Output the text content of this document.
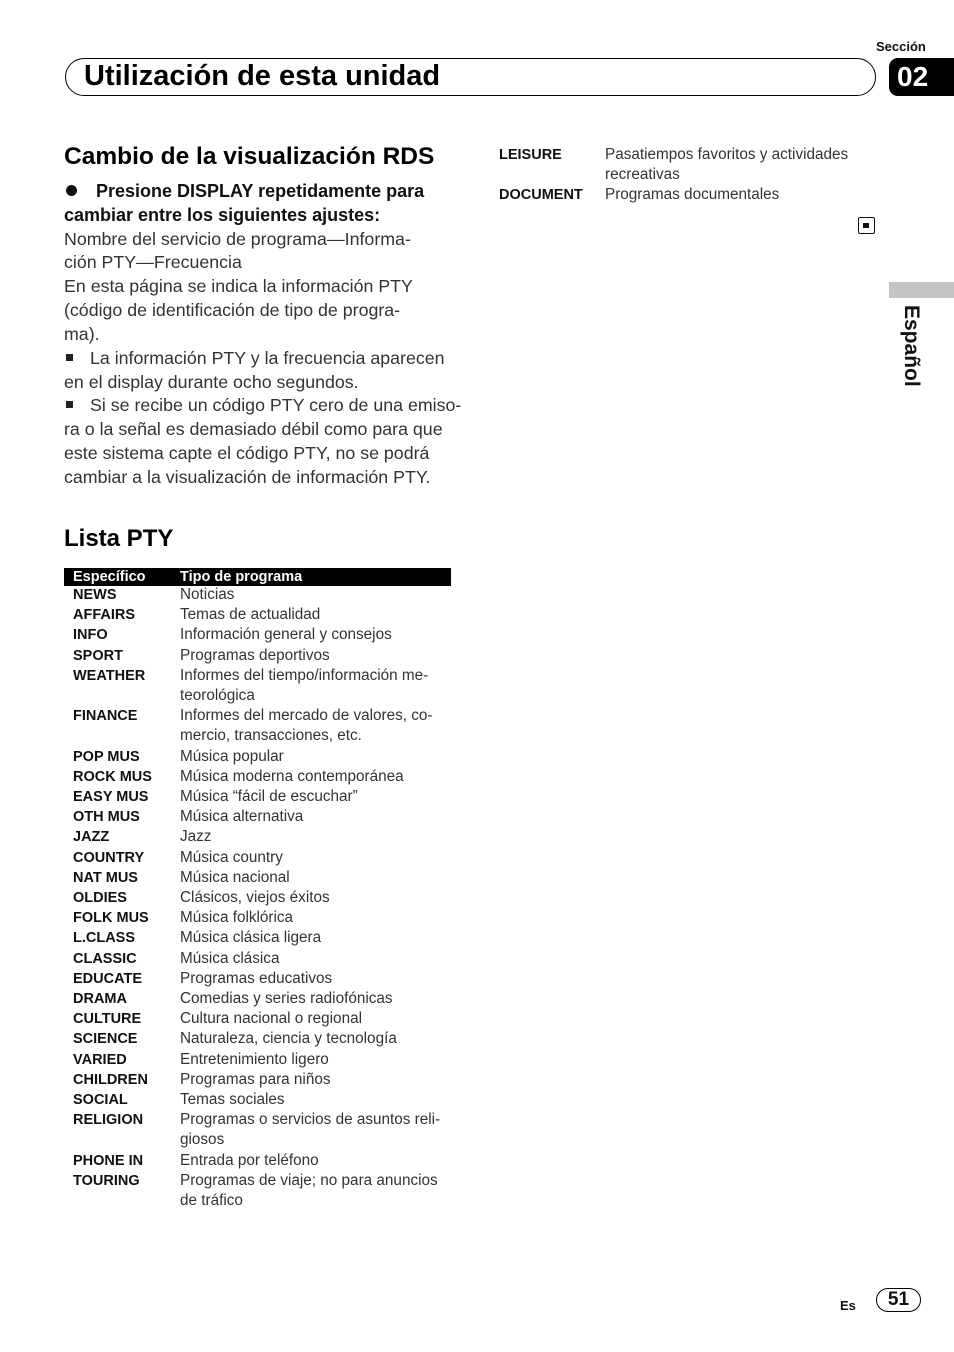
Sección
Utilización de esta unidad	02
Cambio de la visualización RDS
Presione DISPLAY repetidamente para
cambiar entre los siguientes ajustes:
Nombre del servicio de programa—Informa-
ción PTY—Frecuencia
En esta página se indica la información PTY
(código de identificación de tipo de progra-
ma).
La información PTY y la frecuencia aparecen
en el display durante ocho segundos.
Si se recibe un código PTY cero de una emiso-
ra o la señal es demasiado débil como para que
este sistema capte el código PTY, no se podrá
cambiar a la visualización de información PTY.
Lista PTY
Específico	Tipo de programa
NEWS	Noticias
AFFAIRS	Temas de actualidad
INFO	Información general y consejos
SPORT	Programas deportivos
WEATHER	Informes del tiempo/información me-
teorológica
FINANCE	Informes del mercado de valores, co-
mercio, transacciones, etc.
POP MUS	Música popular
ROCK MUS	Música moderna contemporánea
EASY MUS	Música “fácil de escuchar”
OTH MUS	Música alternativa
JAZZ	Jazz
COUNTRY	Música country
NAT MUS	Música nacional
OLDIES	Clásicos, viejos éxitos
FOLK MUS	Música folklórica
L.CLASS	Música clásica ligera
CLASSIC	Música clásica
EDUCATE	Programas educativos
DRAMA	Comedias y series radiofónicas
CULTURE	Cultura nacional o regional
SCIENCE	Naturaleza, ciencia y tecnología
VARIED	Entretenimiento ligero
CHILDREN	Programas para niños
SOCIAL	Temas sociales
RELIGION	Programas o servicios de asuntos reli-
giosos
PHONE IN	Entrada por teléfono
TOURING	Programas de viaje; no para anuncios
de tráfico
LEISURE	Pasatiempos favoritos y actividades
recreativas
DOCUMENT	Programas documentales
Español
Es	51
